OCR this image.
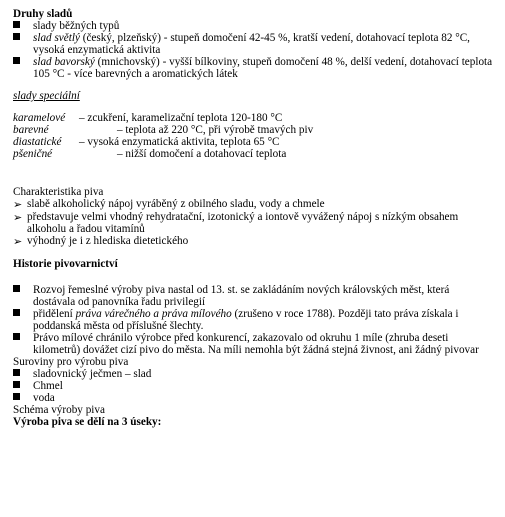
Druhy sladů
slady běžných typů
slad světlý (český, plzeňský) - stupeň domočení 42-45 %, kratší vedení, dotahovací teplota 82 °C, vysoká enzymatická aktivita
slad bavorský (mnichovský) - vyšší bílkoviny, stupeň domočení 48 %, delší vedení, dotahovací teplota 105 °C - více barevných a aromatických látek
slady speciální
karamelové	– zcukření, karamelizační teplota 120-180 °C
barevné	– teplota až 220 °C, při výrobě tmavých piv
diastatické	– vysoká enzymatická aktivita, teplota 65 °C
pšeničné	– nižší domočení a dotahovací teplota
Charakteristika piva
➢ slabě alkoholický nápoj vyráběný z obilného sladu, vody a chmele
➢ představuje velmi vhodný rehydratační, izotonický a iontově vyvážený nápoj s nízkým obsahem alkoholu a řadou vitamínů
➢ výhodný je i z hlediska dietetického
Historie pivovarnictví
Rozvoj řemeslné výroby piva nastal od 13. st. se zakládáním nových královských měst, která dostávala od panovníka řadu privilegií
přidělení práva várečného a práva mílového (zrušeno v roce 1788). Později tato práva získala i poddanská města od příslušné šlechty.
Právo mílové chránilo výrobce před konkurencí, zakazovalo od okruhu 1 míle (zhruba deseti kilometrů) dovážet cizí pivo do města. Na míli nemohla být žádná stejná živnost, ani žádný pivovar
Suroviny pro výrobu piva
sladovnický ječmen – slad
Chmel
voda
Schéma výroby piva
Výroba piva se dělí na 3 úseky:
